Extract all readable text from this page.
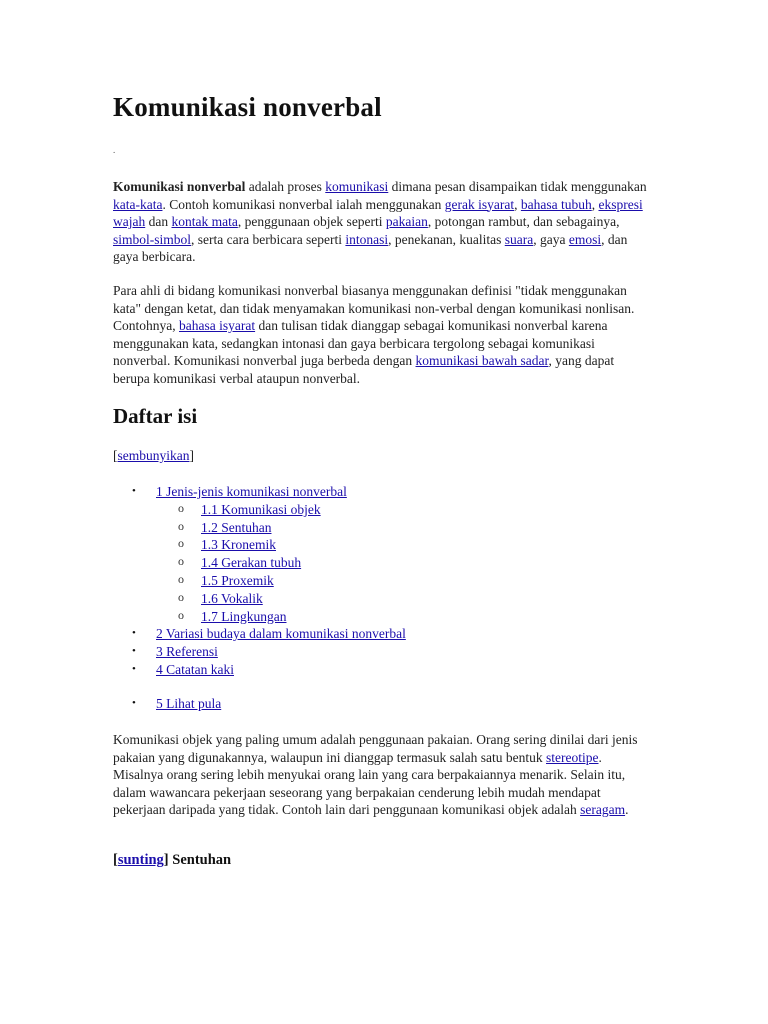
Komunikasi nonverbal
.

Komunikasi nonverbal adalah proses komunikasi dimana pesan disampaikan tidak menggunakan kata-kata. Contoh komunikasi nonverbal ialah menggunakan gerak isyarat, bahasa tubuh, ekspresi wajah dan kontak mata, penggunaan objek seperti pakaian, potongan rambut, dan sebagainya, simbol-simbol, serta cara berbicara seperti intonasi, penekanan, kualitas suara, gaya emosi, dan gaya berbicara.

Para ahli di bidang komunikasi nonverbal biasanya menggunakan definisi "tidak menggunakan kata" dengan ketat, dan tidak menyamakan komunikasi non-verbal dengan komunikasi nonlisan. Contohnya, bahasa isyarat dan tulisan tidak dianggap sebagai komunikasi nonverbal karena menggunakan kata, sedangkan intonasi dan gaya berbicara tergolong sebagai komunikasi nonverbal. Komunikasi nonverbal juga berbeda dengan komunikasi bawah sadar, yang dapat berupa komunikasi verbal ataupun nonverbal.

Daftar isi
[sembunyikan]
• 1 Jenis-jenis komunikasi nonverbal
o 1.1 Komunikasi objek
o 1.2 Sentuhan
o 1.3 Kronemik
o 1.4 Gerakan tubuh
o 1.5 Proxemik
o 1.6 Vokalik
o 1.7 Lingkungan
• 2 Variasi budaya dalam komunikasi nonverbal
• 3 Referensi
• 4 Catatan kaki
• 5 Lihat pula

Komunikasi objek yang paling umum adalah penggunaan pakaian. Orang sering dinilai dari jenis pakaian yang digunakannya, walaupun ini dianggap termasuk salah satu bentuk stereotipe. Misalnya orang sering lebih menyukai orang lain yang cara berpakaiannya menarik. Selain itu, dalam wawancara pekerjaan seseorang yang berpakaian cenderung lebih mudah mendapat pekerjaan daripada yang tidak. Contoh lain dari penggunaan komunikasi objek adalah seragam.

[sunting] Sentuhan
